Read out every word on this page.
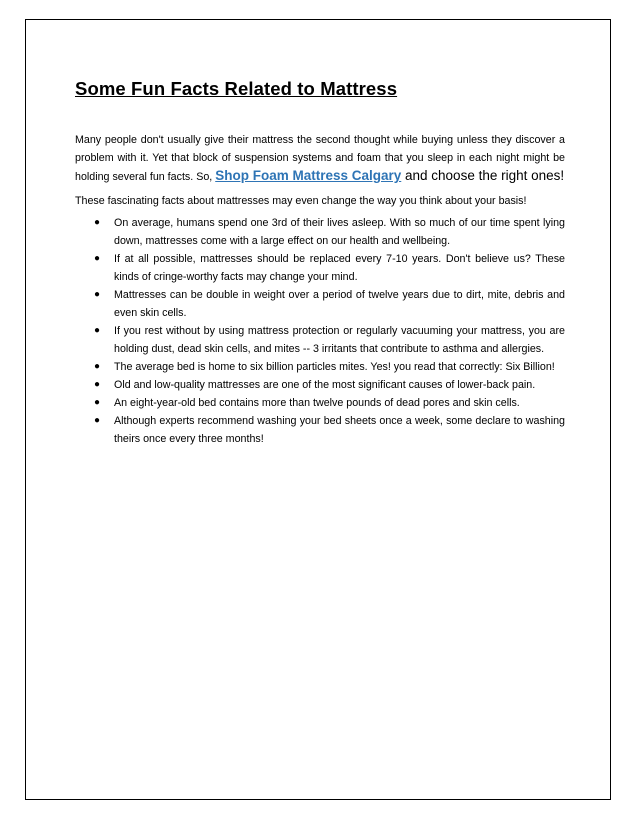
Some Fun Facts Related to Mattress

Many people don't usually give their mattress the second thought while buying unless they discover a problem with it. Yet that block of suspension systems and foam that you sleep in each night might be holding several fun facts. So, Shop Foam Mattress Calgary and choose the right ones!

These fascinating facts about mattresses may even change the way you think about your basis!

● On average, humans spend one 3rd of their lives asleep. With so much of our time spent lying down, mattresses come with a large effect on our health and wellbeing.
● If at all possible, mattresses should be replaced every 7-10 years. Don't believe us? These kinds of cringe-worthy facts may change your mind.
● Mattresses can be double in weight over a period of twelve years due to dirt, mite, debris and even skin cells.
● If you rest without by using mattress protection or regularly vacuuming your mattress, you are holding dust, dead skin cells, and mites -- 3 irritants that contribute to asthma and allergies.
● The average bed is home to six billion particles mites. Yes! you read that correctly: Six Billion!
● Old and low-quality mattresses are one of the most significant causes of lower-back pain.
● An eight-year-old bed contains more than twelve pounds of dead pores and skin cells.
● Although experts recommend washing your bed sheets once a week, some declare to washing theirs once every three months!
